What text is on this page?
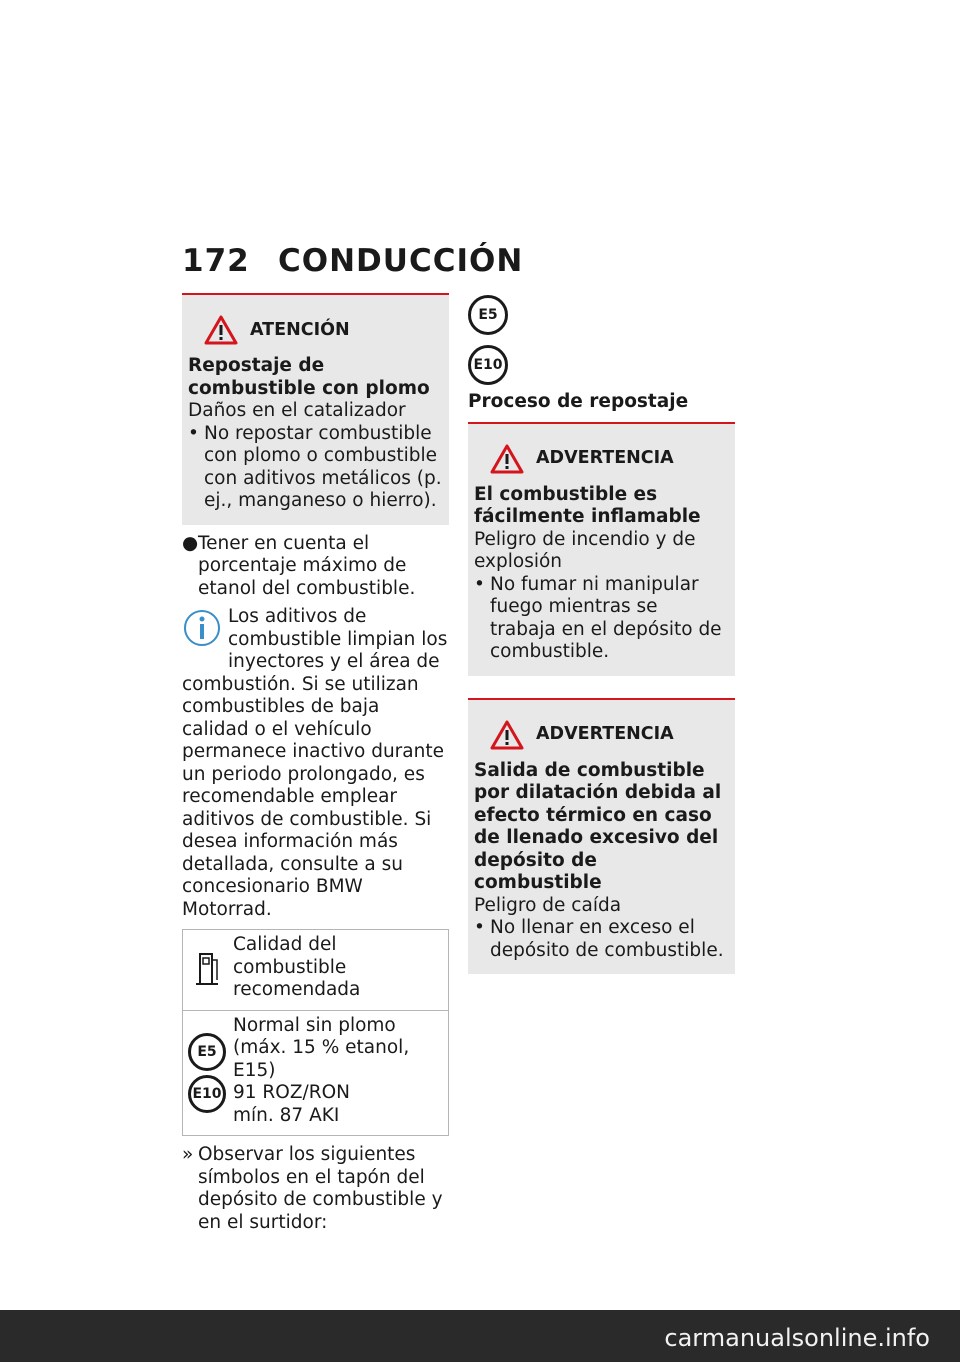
172 CONDUCCIÓN
ATENCIÓN
Repostaje de combustible con plomo
Daños en el catalizador
• No repostar combustible con plomo o combustible con aditivos metálicos (p. ej., manganeso o hierro).
● Tener en cuenta el porcentaje máximo de etanol del combustible.
Los aditivos de combustible limpian los inyectores y el área de combustión. Si se utilizan combustibles de baja calidad o el vehículo permanece inactivo durante un periodo prolongado, es recomendable emplear aditivos de combustible. Si desea información más detallada, consulte a su concesionario BMW Motorrad.
Calidad del combustible recomendada
E5
E10
Normal sin plomo (máx. 15 % etanol, E15)
91 ROZ/RON
mín. 87 AKI
» Observar los siguientes símbolos en el tapón del depósito de combustible y en el surtidor:
E5
E10
Proceso de repostaje
ADVERTENCIA
El combustible es fácilmente inflamable
Peligro de incendio y de explosión
• No fumar ni manipular fuego mientras se trabaja en el depósito de combustible.
ADVERTENCIA
Salida de combustible por dilatación debida al efecto térmico en caso de llenado excesivo del depósito de combustible
Peligro de caída
• No llenar en exceso el depósito de combustible.
carmanualsonline.info
